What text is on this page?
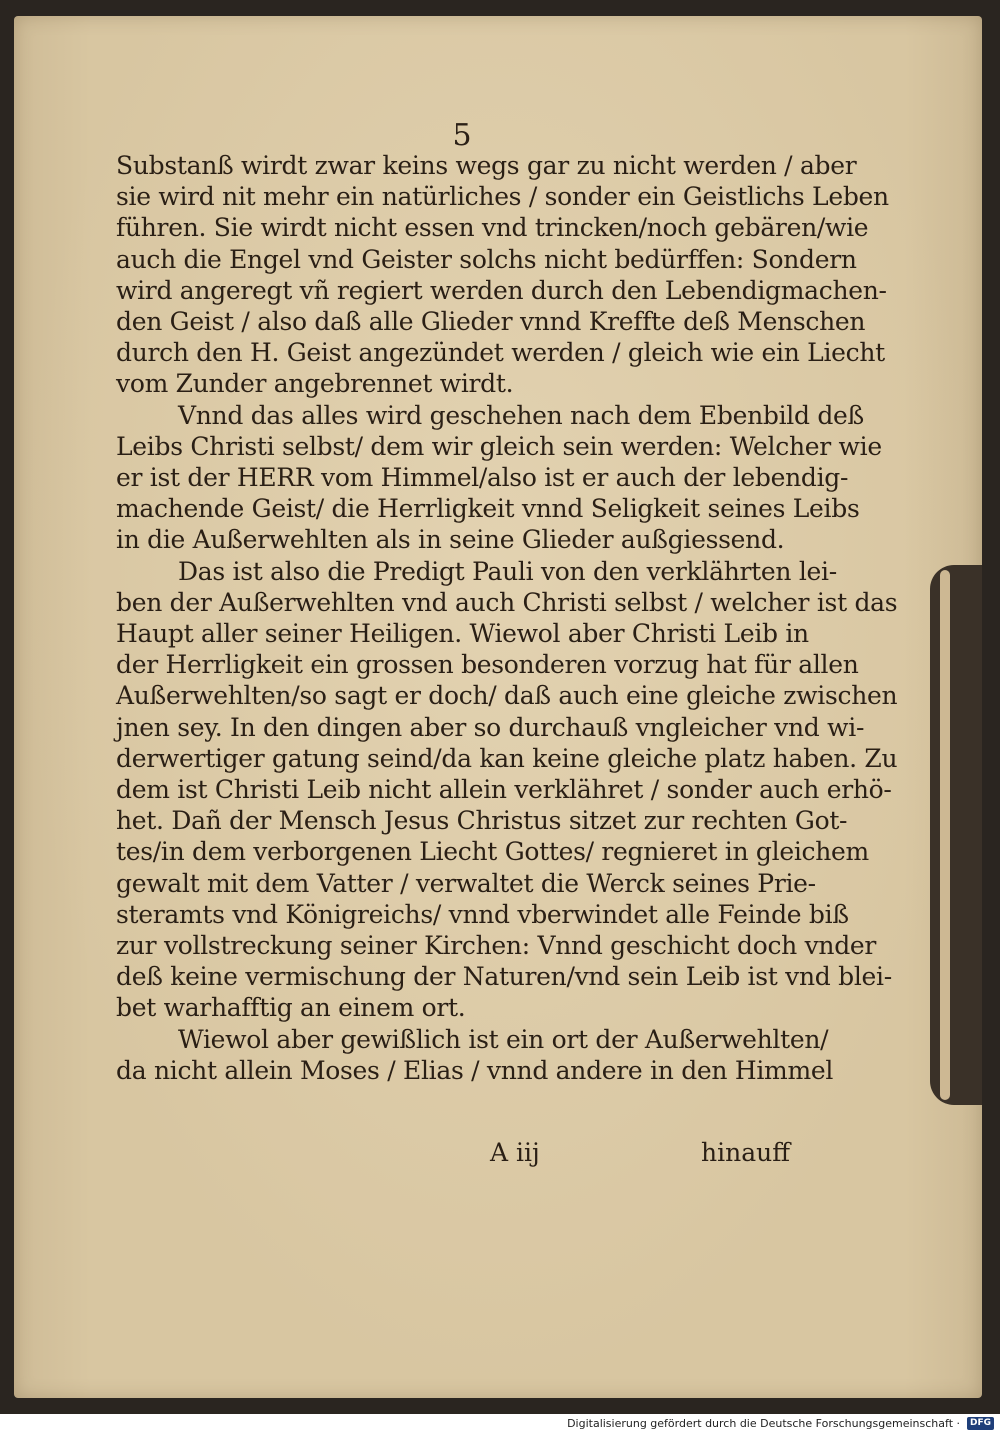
5
Substanß wirdt zwar keins wegs gar zu nicht werden / aber
sie wird nit mehr ein natürliches / sonder ein Geistlichs Leben
führen. Sie wirdt nicht essen vnd trincken/noch gebären/wie
auch die Engel vnd Geister solchs nicht bedürffen: Sondern
wird angeregt vñ regiert werden durch den Lebendigmachen-
den Geist / also daß alle Glieder vnnd Kreffte deß Menschen
durch den H. Geist angezündet werden / gleich wie ein Liecht
vom Zunder angebrennet wirdt.
Vnnd das alles wird geschehen nach dem Ebenbild deß
Leibs Christi selbst/ dem wir gleich sein werden: Welcher wie
er ist der HERR vom Himmel/also ist er auch der lebendig-
machende Geist/ die Herrligkeit vnnd Seligkeit seines Leibs
in die Außerwehlten als in seine Glieder außgiessend.
Das ist also die Predigt Pauli von den verklährten lei-
ben der Außerwehlten vnd auch Christi selbst / welcher ist das
Haupt aller seiner Heiligen. Wiewol aber Christi Leib in
der Herrligkeit ein grossen besonderen vorzug hat für allen
Außerwehlten/so sagt er doch/ daß auch eine gleiche zwischen
jnen sey. In den dingen aber so durchauß vngleicher vnd wi-
derwertiger gatung seind/da kan keine gleiche platz haben. Zu
dem ist Christi Leib nicht allein verklähret / sonder auch erhö-
het. Dañ der Mensch Jesus Christus sitzet zur rechten Got-
tes/in dem verborgenen Liecht Gottes/ regnieret in gleichem
gewalt mit dem Vatter / verwaltet die Werck seines Prie-
steramts vnd Königreichs/ vnnd vberwindet alle Feinde biß
zur vollstreckung seiner Kirchen: Vnnd geschicht doch vnder
deß keine vermischung der Naturen/vnd sein Leib ist vnd blei-
bet warhafftig an einem ort.
Wiewol aber gewißlich ist ein ort der Außerwehlten/
da nicht allein Moses / Elias / vnnd andere in den Himmel
A iij	hinauff
Digitalisierung gefördert durch die Deutsche Forschungsgemeinschaft ·	DFG
